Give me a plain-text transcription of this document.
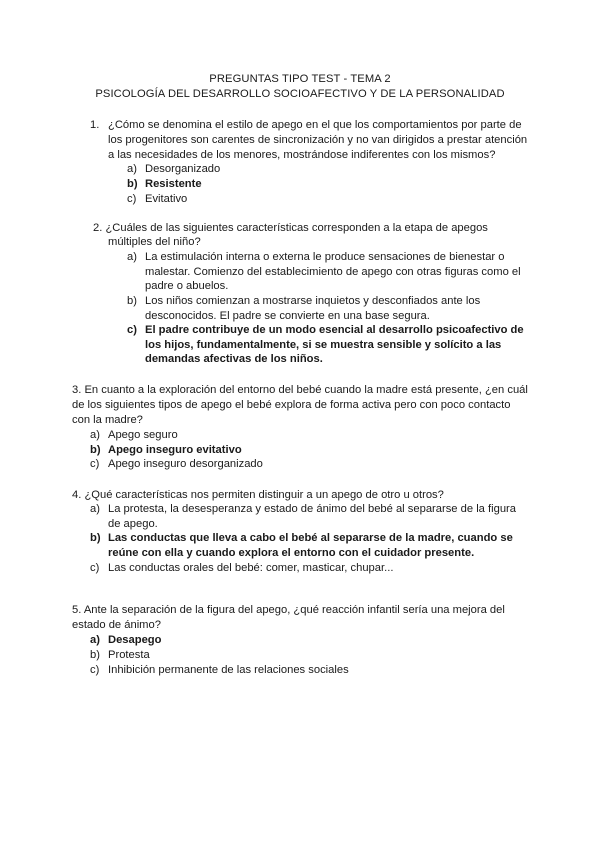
PREGUNTAS TIPO TEST - TEMA 2
PSICOLOGÍA DEL DESARROLLO SOCIOAFECTIVO Y DE LA PERSONALIDAD
1. ¿Cómo se denomina el estilo de apego en el que los comportamientos por parte de
los progenitores son carentes de sincronización y no van dirigidos a prestar atención
a las necesidades de los menores, mostrándose indiferentes con los mismos?
a) Desorganizado
b) Resistente
c) Evitativo
2. ¿Cuáles de las siguientes características corresponden a la etapa de apegos
múltiples del niño?
a) La estimulación interna o externa le produce sensaciones de bienestar o
malestar. Comienzo del establecimiento de apego con otras figuras como el
padre o abuelos.
b) Los niños comienzan a mostrarse inquietos y desconfiados ante los
desconocidos. El padre se convierte en una base segura.
c) El padre contribuye de un modo esencial al desarrollo psicoafectivo de
los hijos, fundamentalmente, si se muestra sensible y solícito a las
demandas afectivas de los niños.
3. En cuanto a la exploración del entorno del bebé cuando la madre está presente, ¿en cuál
de los siguientes tipos de apego el bebé explora de forma activa pero con poco contacto
con la madre?
a) Apego seguro
b) Apego inseguro evitativo
c) Apego inseguro desorganizado
4. ¿Qué características nos permiten distinguir a un apego de otro u otros?
a) La protesta, la desesperanza y estado de ánimo del bebé al separarse de la figura
de apego.
b) Las conductas que lleva a cabo el bebé al separarse de la madre, cuando se
reúne con ella y cuando explora el entorno con el cuidador presente.
c) Las conductas orales del bebé: comer, masticar, chupar...
5. Ante la separación de la figura del apego, ¿qué reacción infantil sería una mejora del
estado de ánimo?
a) Desapego
b) Protesta
c) Inhibición permanente de las relaciones sociales
